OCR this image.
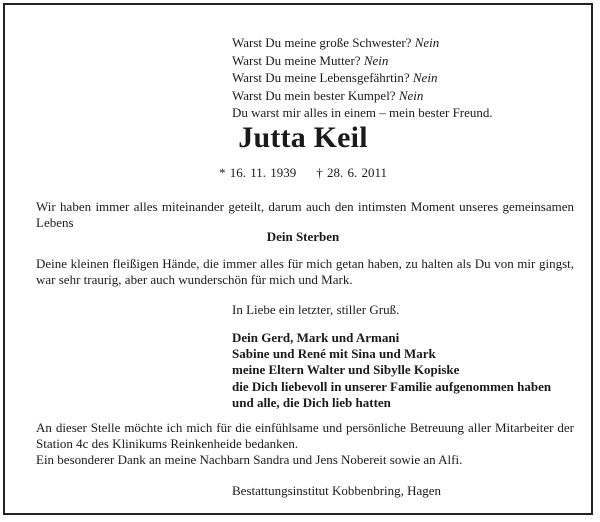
Warst Du meine große Schwester? Nein
Warst Du meine Mutter? Nein
Warst Du meine Lebensgefährtin? Nein
Warst Du mein bester Kumpel? Nein
Du warst mir alles in einem – mein bester Freund.
Jutta Keil
* 16. 11. 1939 † 28. 6. 2011
Wir haben immer alles miteinander geteilt, darum auch den intimsten Moment unseres gemeinsamen Lebens
Dein Sterben
Deine kleinen fleißigen Hände, die immer alles für mich getan haben, zu halten als Du von mir gingst, war sehr traurig, aber auch wunderschön für mich und Mark.
In Liebe ein letzter, stiller Gruß.
Dein Gerd, Mark und Armani
Sabine und René mit Sina und Mark
meine Eltern Walter und Sibylle Kopiske
die Dich liebevoll in unserer Familie aufgenommen haben
und alle, die Dich lieb hatten
An dieser Stelle möchte ich mich für die einfühlsame und persönliche Betreuung aller Mitarbeiter der Station 4c des Klinikums Reinkenheide bedanken.
Ein besonderer Dank an meine Nachbarn Sandra und Jens Nobereit sowie an Alfi.
Bestattungsinstitut Kobbenbring, Hagen
